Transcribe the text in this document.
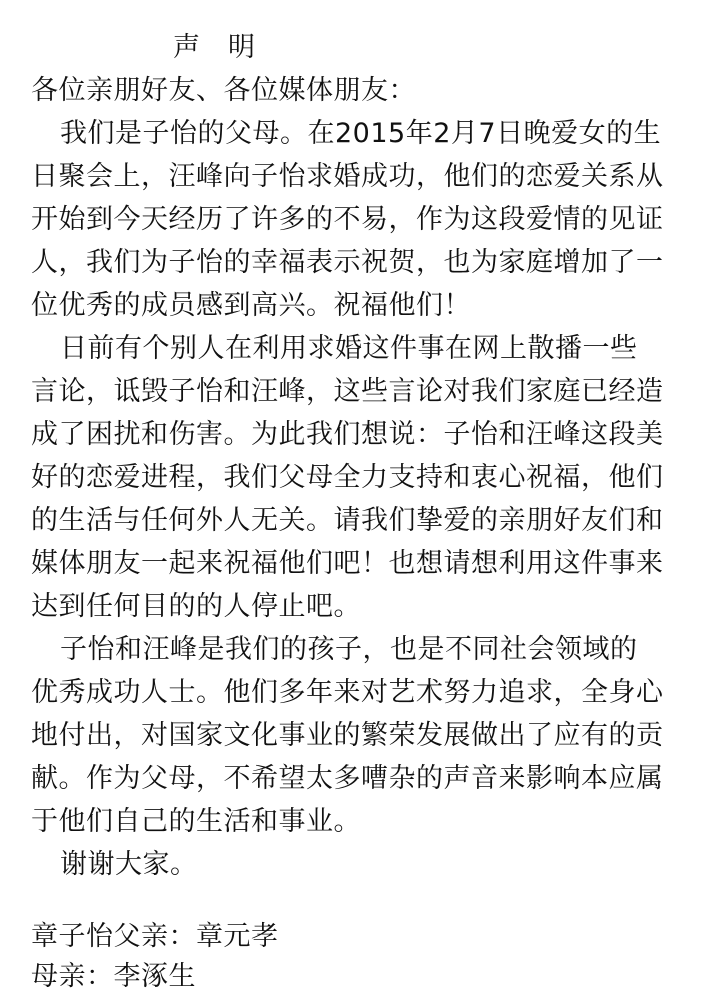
声 明
各位亲朋好友、各位媒体朋友：
我们是子怡的父母。在2015年2月7日晚爱女的生
日聚会上，汪峰向子怡求婚成功，他们的恋爱关系从
开始到今天经历了许多的不易，作为这段爱情的见证
人，我们为子怡的幸福表示祝贺，也为家庭增加了一
位优秀的成员感到高兴。祝福他们！
日前有个别人在利用求婚这件事在网上散播一些
言论，诋毁子怡和汪峰，这些言论对我们家庭已经造
成了困扰和伤害。为此我们想说：子怡和汪峰这段美
好的恋爱进程，我们父母全力支持和衷心祝福，他们
的生活与任何外人无关。请我们挚爱的亲朋好友们和
媒体朋友一起来祝福他们吧！也想请想利用这件事来
达到任何目的的人停止吧。
子怡和汪峰是我们的孩子，也是不同社会领域的
优秀成功人士。他们多年来对艺术努力追求，全身心
地付出，对国家文化事业的繁荣发展做出了应有的贡
献。作为父母，不希望太多嘈杂的声音来影响本应属
于他们自己的生活和事业。
谢谢大家。
章子怡父亲：章元孝
母亲：李涿生
